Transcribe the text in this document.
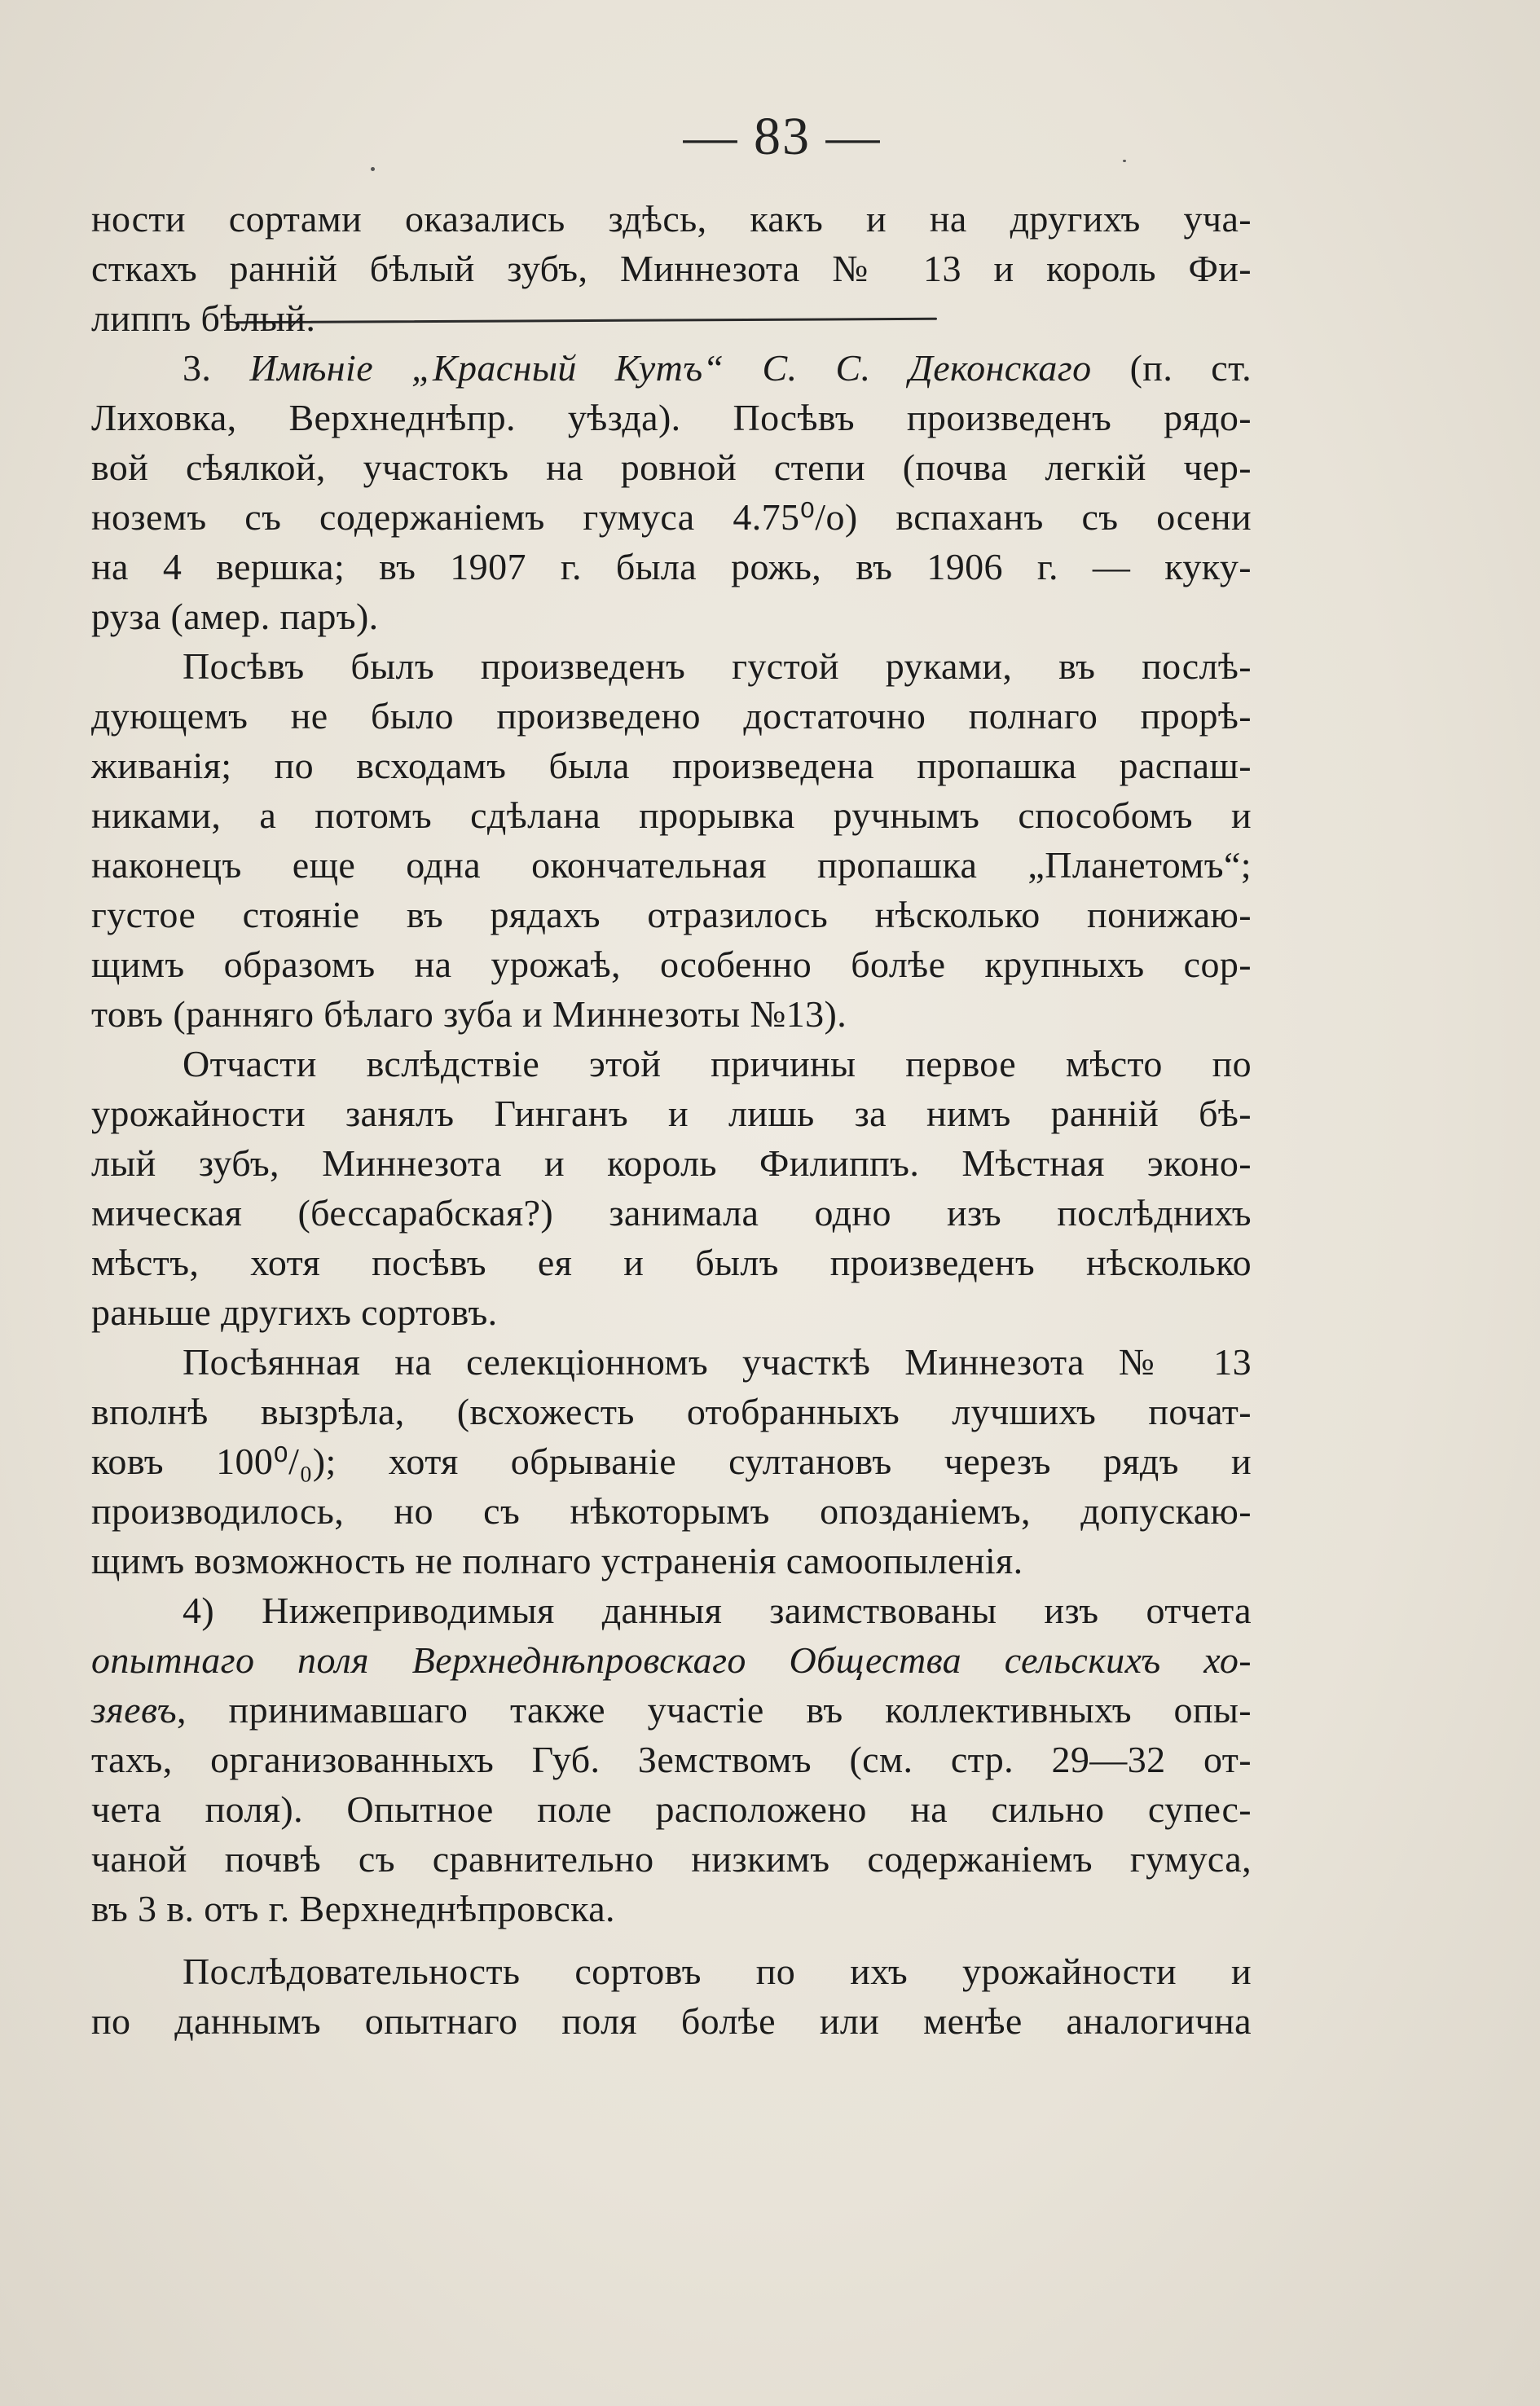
— 83 —
ности сортами оказались здѣсь, какъ и на другихъ уча-
сткахъ ранній бѣлый зубъ, Миннезота № 13 и король Фи-
липпъ бѣлый.
3. Имѣніе „Красный Кутъ“ С. С. Деконскаго (п. ст.
Лиховка, Верхнеднѣпр. уѣзда). Посѣвъ произведенъ рядо-
вой сѣялкой, участокъ на ровной степи (почва легкій чер-
ноземъ съ содержаніемъ гумуса 4.75⁰/о) вспаханъ съ осени
на 4 вершка; въ 1907 г. была рожь, въ 1906 г. — куку-
руза (амер. паръ).
Посѣвъ былъ произведенъ густой руками, въ послѣ-
дующемъ не было произведено достаточно полнаго прорѣ-
живанія; по всходамъ была произведена пропашка распаш-
никами, а потомъ сдѣлана прорывка ручнымъ способомъ и
наконецъ еще одна окончательная пропашка „Планетомъ“;
густое стояніе въ рядахъ отразилось нѣсколько понижаю-
щимъ образомъ на урожаѣ, особенно болѣе крупныхъ сор-
товъ (ранняго бѣлаго зуба и Миннезоты №13).
Отчасти вслѣдствіе этой причины первое мѣсто по
урожайности занялъ Гинганъ и лишь за нимъ ранній бѣ-
лый зубъ, Миннезота и король Филиппъ. Мѣстная эконо-
мическая (бессарабская?) занимала одно изъ послѣднихъ
мѣстъ, хотя посѣвъ ея и былъ произведенъ нѣсколько
раньше другихъ сортовъ.
Посѣянная на селекціонномъ участкѣ Миннезота № 13
вполнѣ вызрѣла, (всхожесть отобранныхъ лучшихъ почат-
ковъ 100⁰/₀); хотя обрываніе султановъ черезъ рядъ и
производилось, но съ нѣкоторымъ опозданіемъ, допускаю-
щимъ возможность не полнаго устраненія самоопыленія.
4) Нижеприводимыя данныя заимствованы изъ отчета
опытнаго поля Верхнеднѣпровскаго Общества сельскихъ хо-
зяевъ, принимавшаго также участіе въ коллективныхъ опы-
тахъ, организованныхъ Губ. Земствомъ (см. стр. 29—32 от-
чета поля). Опытное поле расположено на сильно супес-
чаной почвѣ съ сравнительно низкимъ содержаніемъ гумуса,
въ 3 в. отъ г. Верхнеднѣпровска.
Послѣдовательность сортовъ по ихъ урожайности и
по даннымъ опытнаго поля болѣе или менѣе аналогична
